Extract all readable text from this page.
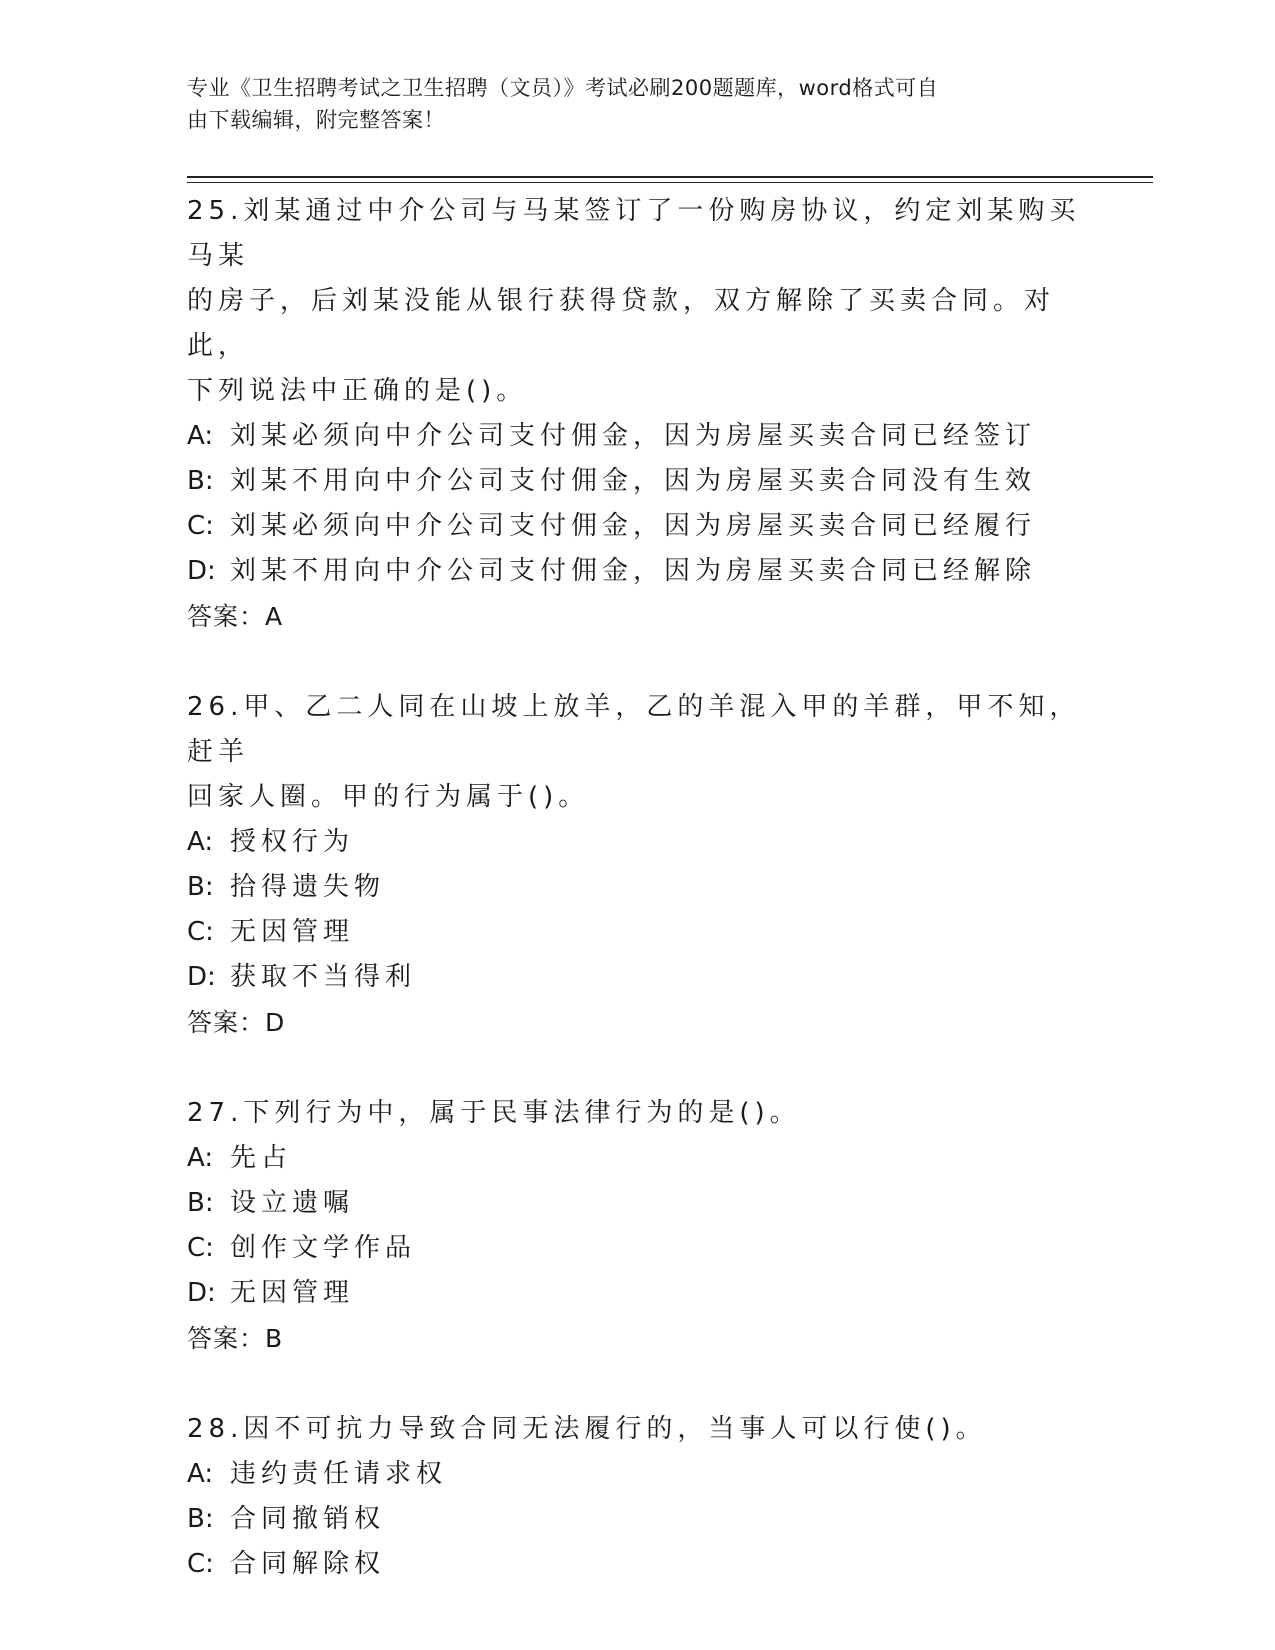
专业《卫生招聘考试之卫生招聘（文员）》考试必刷200题题库，word格式可自
由下载编辑，附完整答案！

25.刘某通过中介公司与马某签订了一份购房协议，约定刘某购买马某

的房子，后刘某没能从银行获得贷款，双方解除了买卖合同。对此，

下列说法中正确的是()。

A: 刘某必须向中介公司支付佣金，因为房屋买卖合同已经签订

B: 刘某不用向中介公司支付佣金，因为房屋买卖合同没有生效

C: 刘某必须向中介公司支付佣金，因为房屋买卖合同已经履行

D: 刘某不用向中介公司支付佣金，因为房屋买卖合同已经解除

答案：A

26.甲、乙二人同在山坡上放羊，乙的羊混入甲的羊群，甲不知，赶羊

回家人圈。甲的行为属于()。

A: 授权行为

B: 拾得遗失物

C: 无因管理

D: 获取不当得利

答案：D

27.下列行为中，属于民事法律行为的是()。

A: 先占

B: 设立遗嘱

C: 创作文学作品

D: 无因管理

答案：B

28.因不可抗力导致合同无法履行的，当事人可以行使()。

A: 违约责任请求权

B: 合同撤销权

C: 合同解除权
